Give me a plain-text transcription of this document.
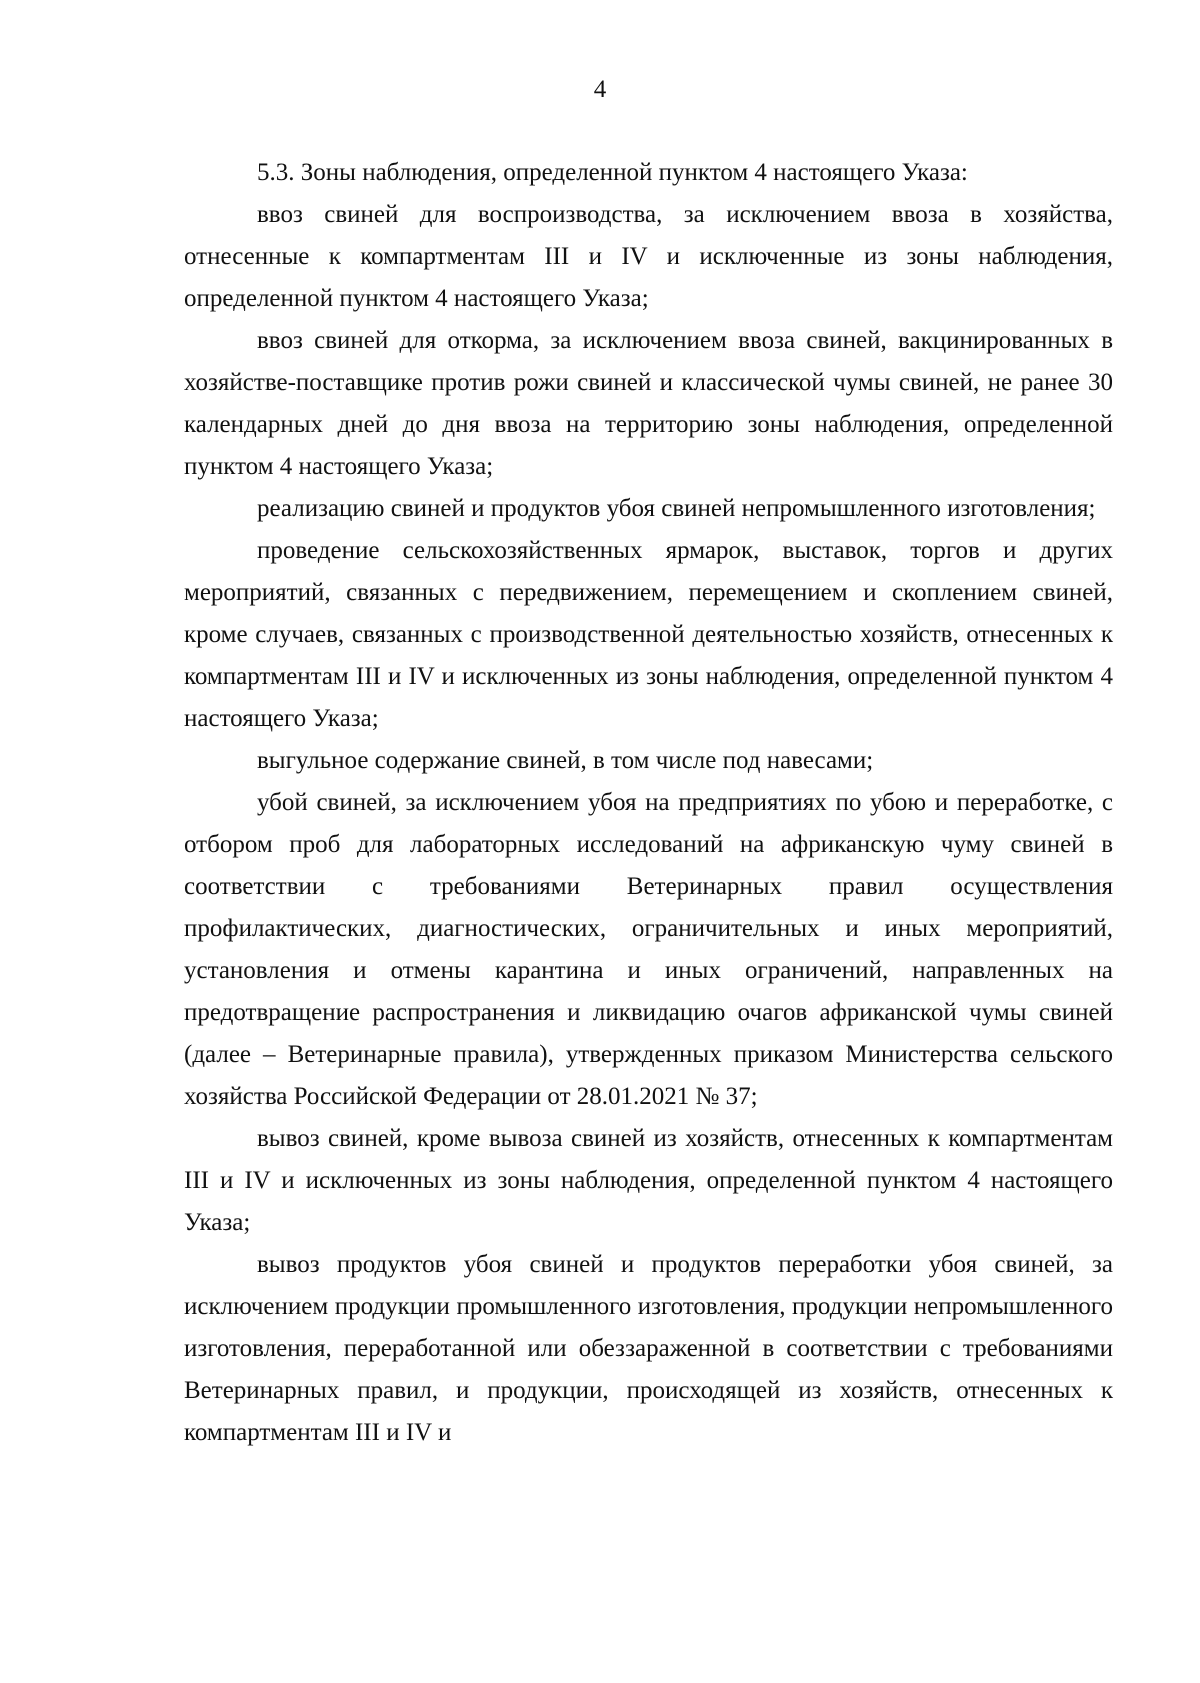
4

5.3. Зоны наблюдения, определенной пунктом 4 настоящего Указа:

ввоз свиней для воспроизводства, за исключением ввоза в хозяйства, отнесенные к компартментам III и IV и исключенные из зоны наблюдения, определенной пунктом 4 настоящего Указа;

ввоз свиней для откорма, за исключением ввоза свиней, вакцинированных в хозяйстве-поставщике против рожи свиней и классической чумы свиней, не ранее 30 календарных дней до дня ввоза на территорию зоны наблюдения, определенной пунктом 4 настоящего Указа;

реализацию свиней и продуктов убоя свиней непромышленного изготовления;

проведение сельскохозяйственных ярмарок, выставок, торгов и других мероприятий, связанных с передвижением, перемещением и скоплением свиней, кроме случаев, связанных с производственной деятельностью хозяйств, отнесенных к компартментам III и IV и исключенных из зоны наблюдения, определенной пунктом 4 настоящего Указа;

выгульное содержание свиней, в том числе под навесами;

убой свиней, за исключением убоя на предприятиях по убою и переработке, с отбором проб для лабораторных исследований на африканскую чуму свиней в соответствии с требованиями Ветеринарных правил осуществления профилактических, диагностических, ограничительных и иных мероприятий, установления и отмены карантина и иных ограничений, направленных на предотвращение распространения и ликвидацию очагов африканской чумы свиней (далее – Ветеринарные правила), утвержденных приказом Министерства сельского хозяйства Российской Федерации от 28.01.2021 № 37;

вывоз свиней, кроме вывоза свиней из хозяйств, отнесенных к компартментам III и IV и исключенных из зоны наблюдения, определенной пунктом 4 настоящего Указа;

вывоз продуктов убоя свиней и продуктов переработки убоя свиней, за исключением продукции промышленного изготовления, продукции непромышленного изготовления, переработанной или обеззараженной в соответствии с требованиями Ветеринарных правил, и продукции, происходящей из хозяйств, отнесенных к компартментам III и IV и
